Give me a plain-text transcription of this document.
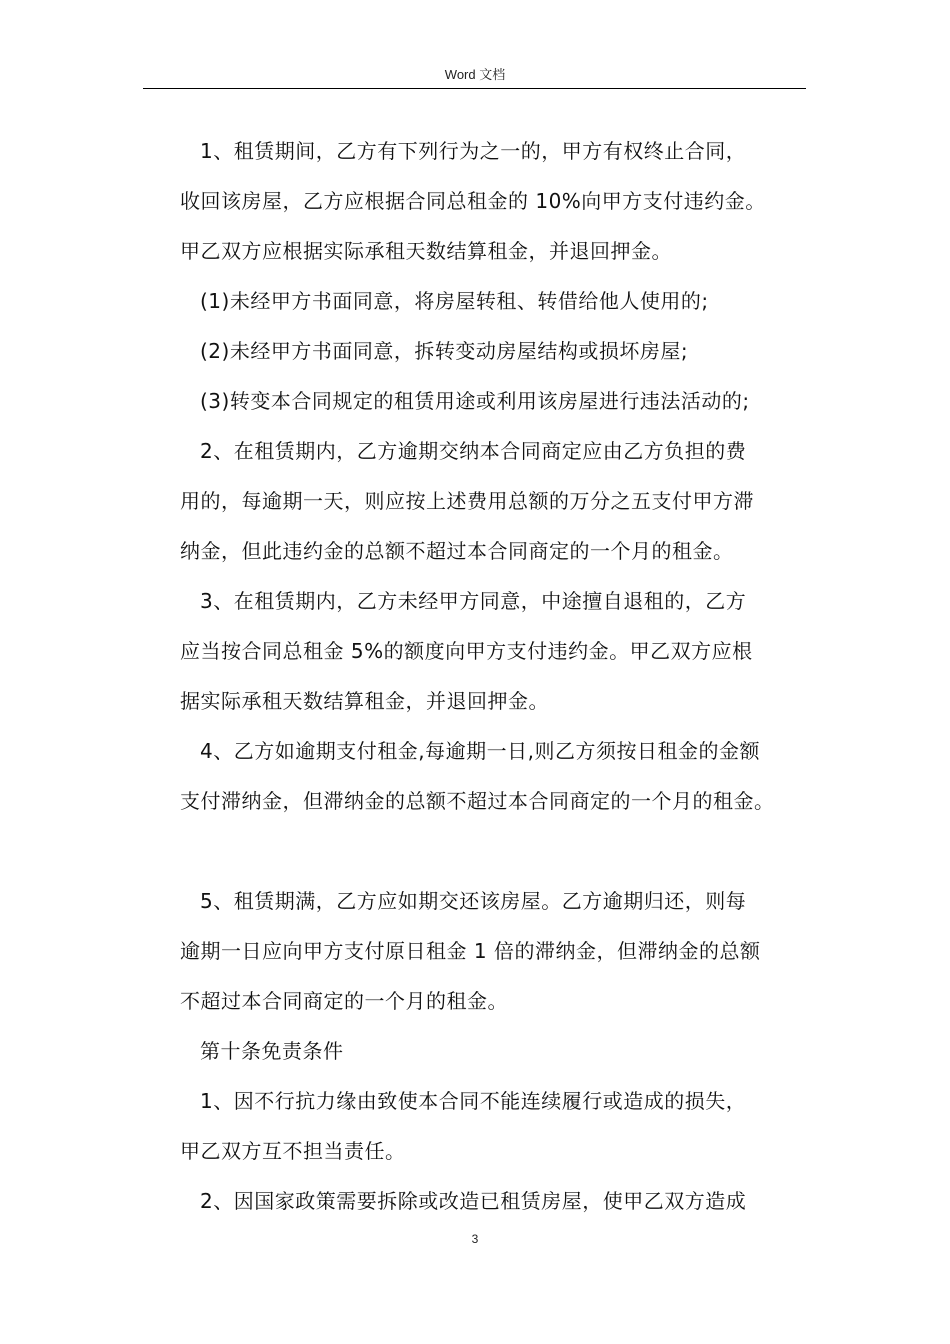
Word 文档
1、租赁期间，乙方有下列行为之一的，甲方有权终止合同，
收回该房屋，乙方应根据合同总租金的 10%向甲方支付违约金。
甲乙双方应根据实际承租天数结算租金，并退回押金。
(1)未经甲方书面同意，将房屋转租、转借给他人使用的;
(2)未经甲方书面同意，拆转变动房屋结构或损坏房屋;
(3)转变本合同规定的租赁用途或利用该房屋进行违法活动的;
2、在租赁期内，乙方逾期交纳本合同商定应由乙方负担的费
用的，每逾期一天，则应按上述费用总额的万分之五支付甲方滞
纳金，但此违约金的总额不超过本合同商定的一个月的租金。
3、在租赁期内，乙方未经甲方同意，中途擅自退租的，乙方
应当按合同总租金 5%的额度向甲方支付违约金。甲乙双方应根
据实际承租天数结算租金，并退回押金。
4、乙方如逾期支付租金,每逾期一日,则乙方须按日租金的金额
支付滞纳金，但滞纳金的总额不超过本合同商定的一个月的租金。
5、租赁期满，乙方应如期交还该房屋。乙方逾期归还，则每
逾期一日应向甲方支付原日租金 1 倍的滞纳金，但滞纳金的总额
不超过本合同商定的一个月的租金。
第十条免责条件
1、因不行抗力缘由致使本合同不能连续履行或造成的损失，
甲乙双方互不担当责任。
2、因国家政策需要拆除或改造已租赁房屋，使甲乙双方造成
3
